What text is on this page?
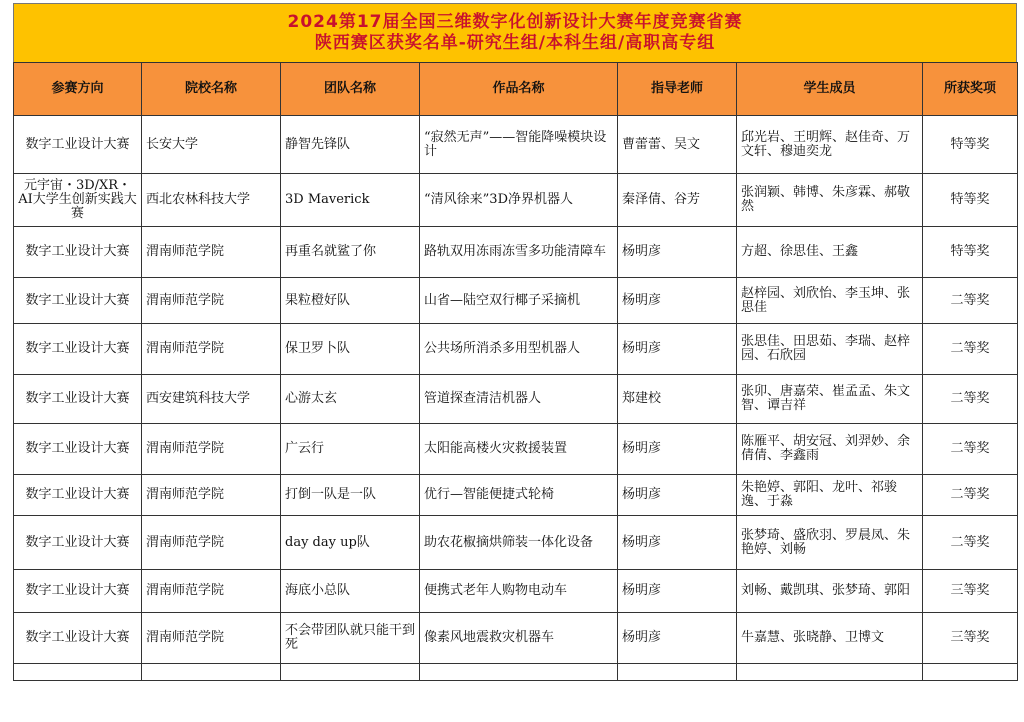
2024第17届全国三维数字化创新设计大赛年度竞赛省赛
陕西赛区获奖名单-研究生组/本科生组/高职高专组
参赛方向	院校名称	团队名称	作品名称	指导老师	学生成员	所获奖项
数字工业设计大赛	长安大学	静智先锋队	“寂然无声”——智能降噪模块设计	曹蕾蕾、吴文	邱光岩、王明辉、赵佳奇、万文轩、穆迪奕龙	特等奖
元宇宙・3D/XR・AI大学生创新实践大赛	西北农林科技大学	3D Maverick	“清风徐来”3D净界机器人	秦泽倩、谷芳	张润颖、韩博、朱彦霖、郝敬然	特等奖
数字工业设计大赛	渭南师范学院	再重名就鲨了你	路轨双用冻雨冻雪多功能清障车	杨明彦	方超、徐思佳、王鑫	特等奖
数字工业设计大赛	渭南师范学院	果粒橙好队	山省—陆空双行椰子采摘机	杨明彦	赵梓园、刘欣怡、李玉坤、张思佳	二等奖
数字工业设计大赛	渭南师范学院	保卫罗卜队	公共场所消杀多用型机器人	杨明彦	张思佳、田思茹、李瑞、赵梓园、石欣园	二等奖
数字工业设计大赛	西安建筑科技大学	心游太玄	管道探查清洁机器人	郑建校	张卯、唐嘉荣、崔孟孟、朱文智、谭吉祥	二等奖
数字工业设计大赛	渭南师范学院	广云行	太阳能高楼火灾救援装置	杨明彦	陈雁平、胡安冠、刘羿妙、余倩倩、李鑫雨	二等奖
数字工业设计大赛	渭南师范学院	打倒一队是一队	优行—智能便捷式轮椅	杨明彦	朱艳婷、郭阳、龙叶、祁骏逸、于淼	二等奖
数字工业设计大赛	渭南师范学院	day day up队	助农花椒摘烘筛装一体化设备	杨明彦	张梦琦、盛欣羽、罗晨凤、朱艳婷、刘畅	二等奖
数字工业设计大赛	渭南师范学院	海底小总队	便携式老年人购物电动车	杨明彦	刘畅、戴凯琪、张梦琦、郭阳	三等奖
数字工业设计大赛	渭南师范学院	不会带团队就只能干到死	像素风地震救灾机器车	杨明彦	牛嘉慧、张晓静、卫博文	三等奖
